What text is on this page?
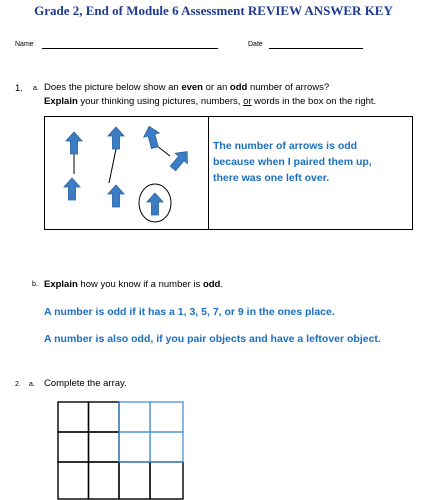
Grade 2, End of Module 6 Assessment REVIEW ANSWER KEY
Name	Date
1. a. Does the picture below show an even or an odd number of arrows?
Explain your thinking using pictures, numbers, or words in the box on the right.
The number of arrows is odd
because when I paired them up,
there was one left over.
b. Explain how you know if a number is odd.
A number is odd if it has a 1, 3, 5, 7, or 9 in the ones place.
A number is also odd, if you pair objects and have a leftover object.
2. a. Complete the array.
